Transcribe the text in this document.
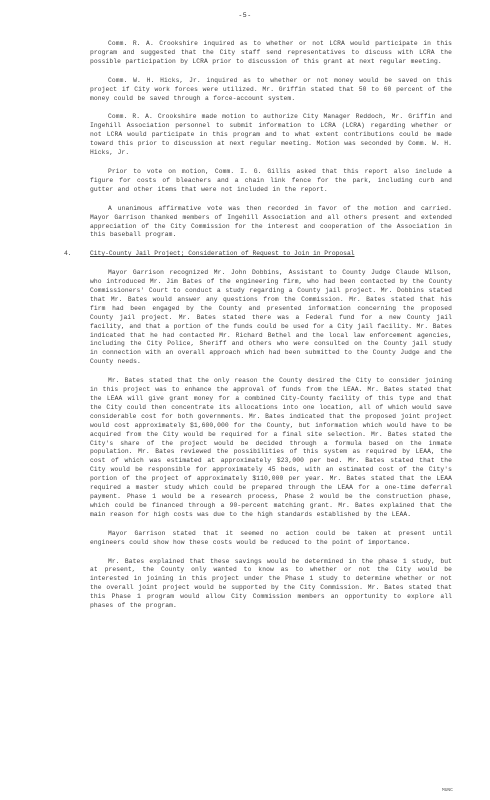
-5-

Comm. R. A. Crookshire inquired as to whether or not LCRA would participate in this program and suggested that the City staff send representatives to discuss with LCRA the possible participation by LCRA prior to discussion of this grant at next regular meeting.

Comm. W. H. Hicks, Jr. inquired as to whether or not money would be saved on this project if City work forces were utilized. Mr. Griffin stated that 50 to 60 percent of the money could be saved through a force-account system.

Comm. R. A. Crookshire made motion to authorize City Manager Reddoch, Mr. Griffin and Ingehill Association personnel to submit information to LCRA (LCRA) regarding whether or not LCRA would participate in this program and to what extent contributions could be made toward this prior to discussion at next regular meeting. Motion was seconded by Comm. W. H. Hicks, Jr.

Prior to vote on motion, Comm. I. G. Gillis asked that this report also include a figure for costs of bleachers and a chain link fence for the park, including curb and gutter and other items that were not included in the report.

A unanimous affirmative vote was then recorded in favor of the motion and carried. Mayor Garrison thanked members of Ingehill Association and all others present and extended appreciation of the City Commission for the interest and cooperation of the Association in this baseball program.

4.	City-County Jail Project; Consideration of Request to Join in Proposal

Mayor Garrison recognized Mr. John Dobbins, Assistant to County Judge Claude Wilson, who introduced Mr. Jim Bates of the engineering firm, who had been contacted by the County Commissioners' Court to conduct a study regarding a County jail project. Mr. Dobbins stated that Mr. Bates would answer any questions from the Commission. Mr. Bates stated that his firm had been engaged by the County and presented information concerning the proposed County jail project. Mr. Bates stated there was a Federal fund for a new County jail facility, and that a portion of the funds could be used for a City jail facility. Mr. Bates indicated that he had contacted Mr. Richard Bethel and the local law enforcement agencies, including the City Police, Sheriff and others who were consulted on the County jail study in connection with an overall approach which had been submitted to the County Judge and the County needs.

Mr. Bates stated that the only reason the County desired the City to consider joining in this project was to enhance the approval of funds from the LEAA. Mr. Bates stated that the LEAA will give grant money for a combined City-County facility of this type and that the City could then concentrate its allocations into one location, all of which would save considerable cost for both governments. Mr. Bates indicated that the proposed joint project would cost approximately $1,600,000 for the County, but information which would have to be acquired from the City would be required for a final site selection. Mr. Bates stated the City's share of the project would be decided through a formula based on the inmate population. Mr. Bates reviewed the possibilities of this system as required by LEAA, the cost of which was estimated at approximately $23,000 per bed. Mr. Bates stated that the City would be responsible for approximately 45 beds, with an estimated cost of the City's portion of the project of approximately $110,000 per year. Mr. Bates stated that the LEAA required a master study which could be prepared through the LEAA for a one-time deferral payment. Phase 1 would be a research process, Phase 2 would be the construction phase, which could be financed through a 90-percent matching grant. Mr. Bates explained that the main reason for high costs was due to the high standards established by the LEAA.

Mayor Garrison stated that it seemed no action could be taken at present until engineers could show how these costs would be reduced to the point of importance.

Mr. Bates explained that these savings would be determined in the phase 1 study, but at present, the County only wanted to know as to whether or not the City would be interested in joining in this project under the Phase 1 study to determine whether or not the overall joint project would be supported by the City Commission. Mr. Bates stated that this Phase 1 program would allow City Commission members an opportunity to explore all phases of the program.

MUNC
